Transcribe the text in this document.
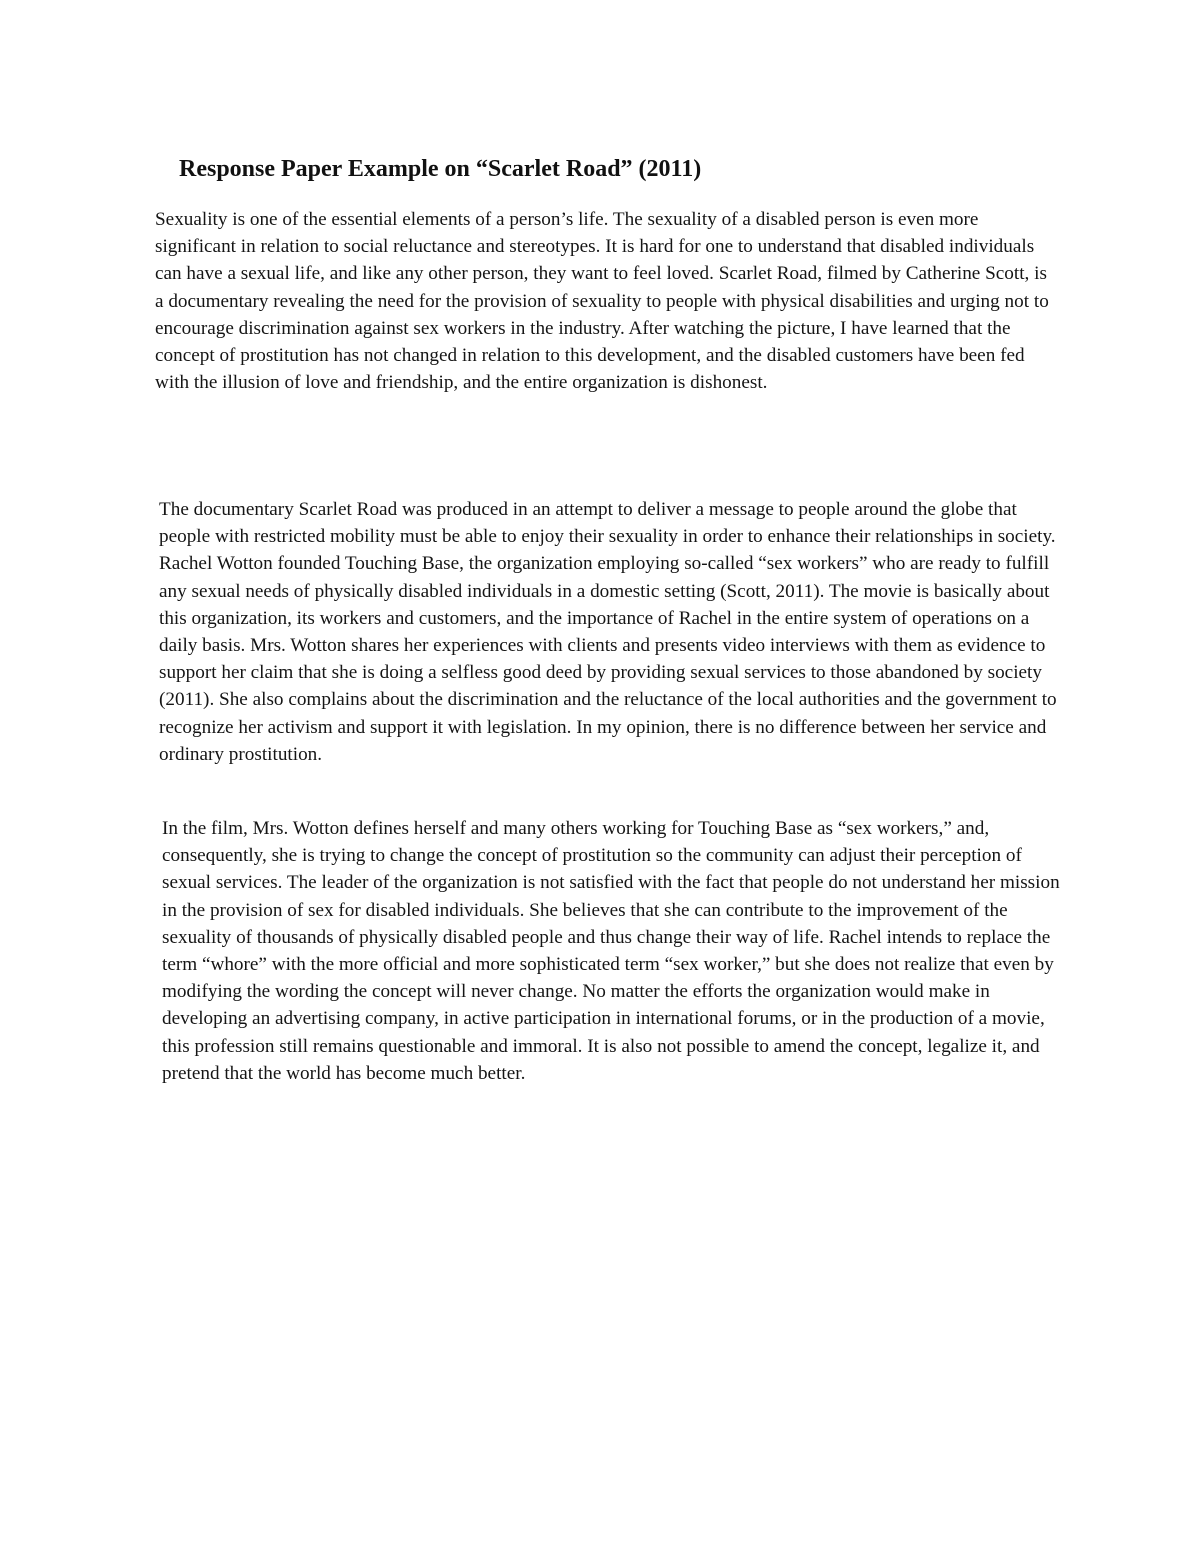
Response Paper Example on “Scarlet Road” (2011)

Sexuality is one of the essential elements of a person’s life. The sexuality of a disabled person is even more significant in relation to social reluctance and stereotypes. It is hard for one to understand that disabled individuals can have a sexual life, and like any other person, they want to feel loved. Scarlet Road, filmed by Catherine Scott, is a documentary revealing the need for the provision of sexuality to people with physical disabilities and urging not to encourage discrimination against sex workers in the industry. After watching the picture, I have learned that the concept of prostitution has not changed in relation to this development, and the disabled customers have been fed with the illusion of love and friendship, and the entire organization is dishonest.

The documentary Scarlet Road was produced in an attempt to deliver a message to people around the globe that people with restricted mobility must be able to enjoy their sexuality in order to enhance their relationships in society. Rachel Wotton founded Touching Base, the organization employing so-called “sex workers” who are ready to fulfill any sexual needs of physically disabled individuals in a domestic setting (Scott, 2011). The movie is basically about this organization, its workers and customers, and the importance of Rachel in the entire system of operations on a daily basis. Mrs. Wotton shares her experiences with clients and presents video interviews with them as evidence to support her claim that she is doing a selfless good deed by providing sexual services to those abandoned by society (2011). She also complains about the discrimination and the reluctance of the local authorities and the government to recognize her activism and support it with legislation. In my opinion, there is no difference between her service and ordinary prostitution.

In the film, Mrs. Wotton defines herself and many others working for Touching Base as “sex workers,” and, consequently, she is trying to change the concept of prostitution so the community can adjust their perception of sexual services. The leader of the organization is not satisfied with the fact that people do not understand her mission in the provision of sex for disabled individuals. She believes that she can contribute to the improvement of the sexuality of thousands of physically disabled people and thus change their way of life. Rachel intends to replace the term “whore” with the more official and more sophisticated term “sex worker,” but she does not realize that even by modifying the wording the concept will never change. No matter the efforts the organization would make in developing an advertising company, in active participation in international forums, or in the production of a movie, this profession still remains questionable and immoral. It is also not possible to amend the concept, legalize it, and pretend that the world has become much better.
